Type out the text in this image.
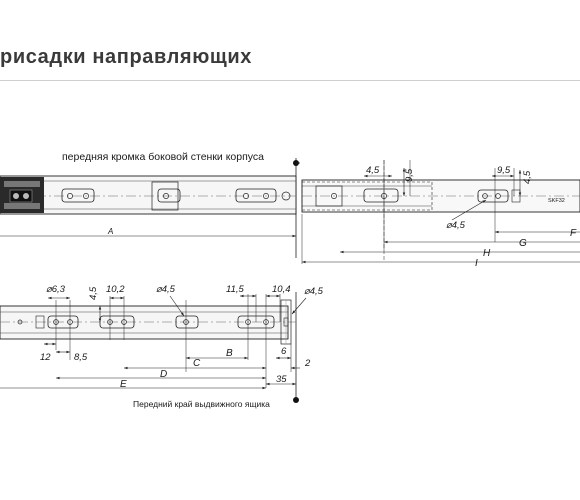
рисадки направляющих
передняя кромка боковой стенки корпуса
SKF32
A
4,5	9,5	9,5
4,5
⌀4,5
F
G
H
I
⌀6,3 4,5 10,2	⌀4,5	11,5	10,4 ⌀4,5
12 8,5	B
C
D
E
6
2
35
Передний край выдвижного ящика
